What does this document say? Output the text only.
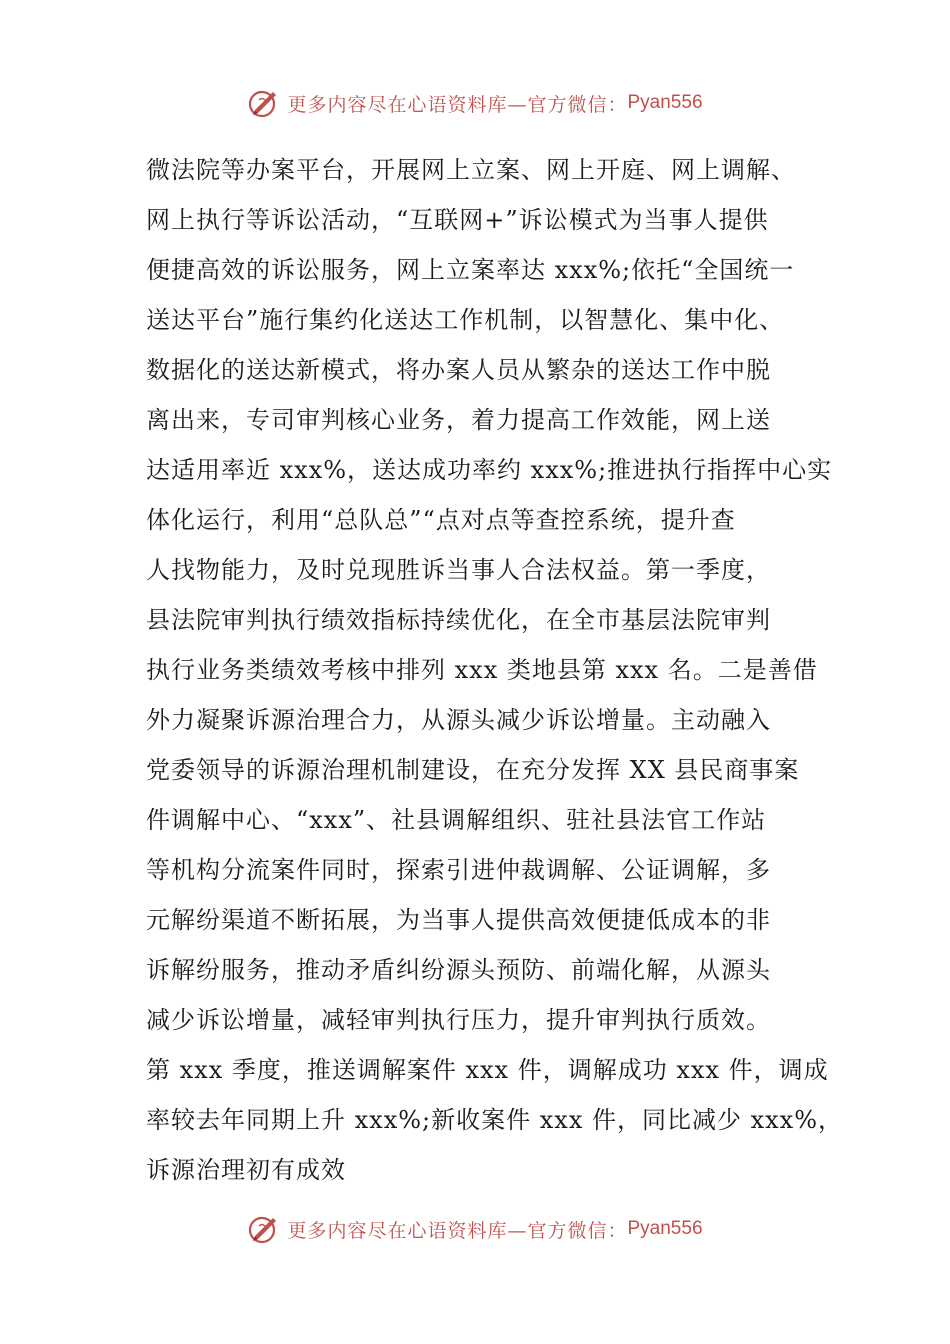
更多内容尽在心语资料库—官方微信： Pyan556
微法院等办案平台，开展网上立案、网上开庭、网上调解、
网上执行等诉讼活动，“互联网+”诉讼模式为当事人提供
便捷高效的诉讼服务，网上立案率达 xxx%;依托“全国统一
送达平台”施行集约化送达工作机制，以智慧化、集中化、
数据化的送达新模式，将办案人员从繁杂的送达工作中脱
离出来，专司审判核心业务，着力提高工作效能，网上送
达适用率近 xxx%，送达成功率约 xxx%;推进执行指挥中心实
体化运行，利用“总队总”“点对点等查控系统，提升查
人找物能力，及时兑现胜诉当事人合法权益。第一季度，
县法院审判执行绩效指标持续优化，在全市基层法院审判
执行业务类绩效考核中排列 xxx 类地县第 xxx 名。二是善借
外力凝聚诉源治理合力，从源头减少诉讼增量。主动融入
党委领导的诉源治理机制建设，在充分发挥 XX 县民商事案
件调解中心、“xxx”、社县调解组织、驻社县法官工作站
等机构分流案件同时，探索引进仲裁调解、公证调解，多
元解纷渠道不断拓展，为当事人提供高效便捷低成本的非
诉解纷服务，推动矛盾纠纷源头预防、前端化解，从源头
减少诉讼增量，减轻审判执行压力，提升审判执行质效。
第 xxx 季度，推送调解案件 xxx 件，调解成功 xxx 件，调成
率较去年同期上升 xxx%;新收案件 xxx 件，同比减少 xxx%，
诉源治理初有成效
更多内容尽在心语资料库—官方微信： Pyan556
